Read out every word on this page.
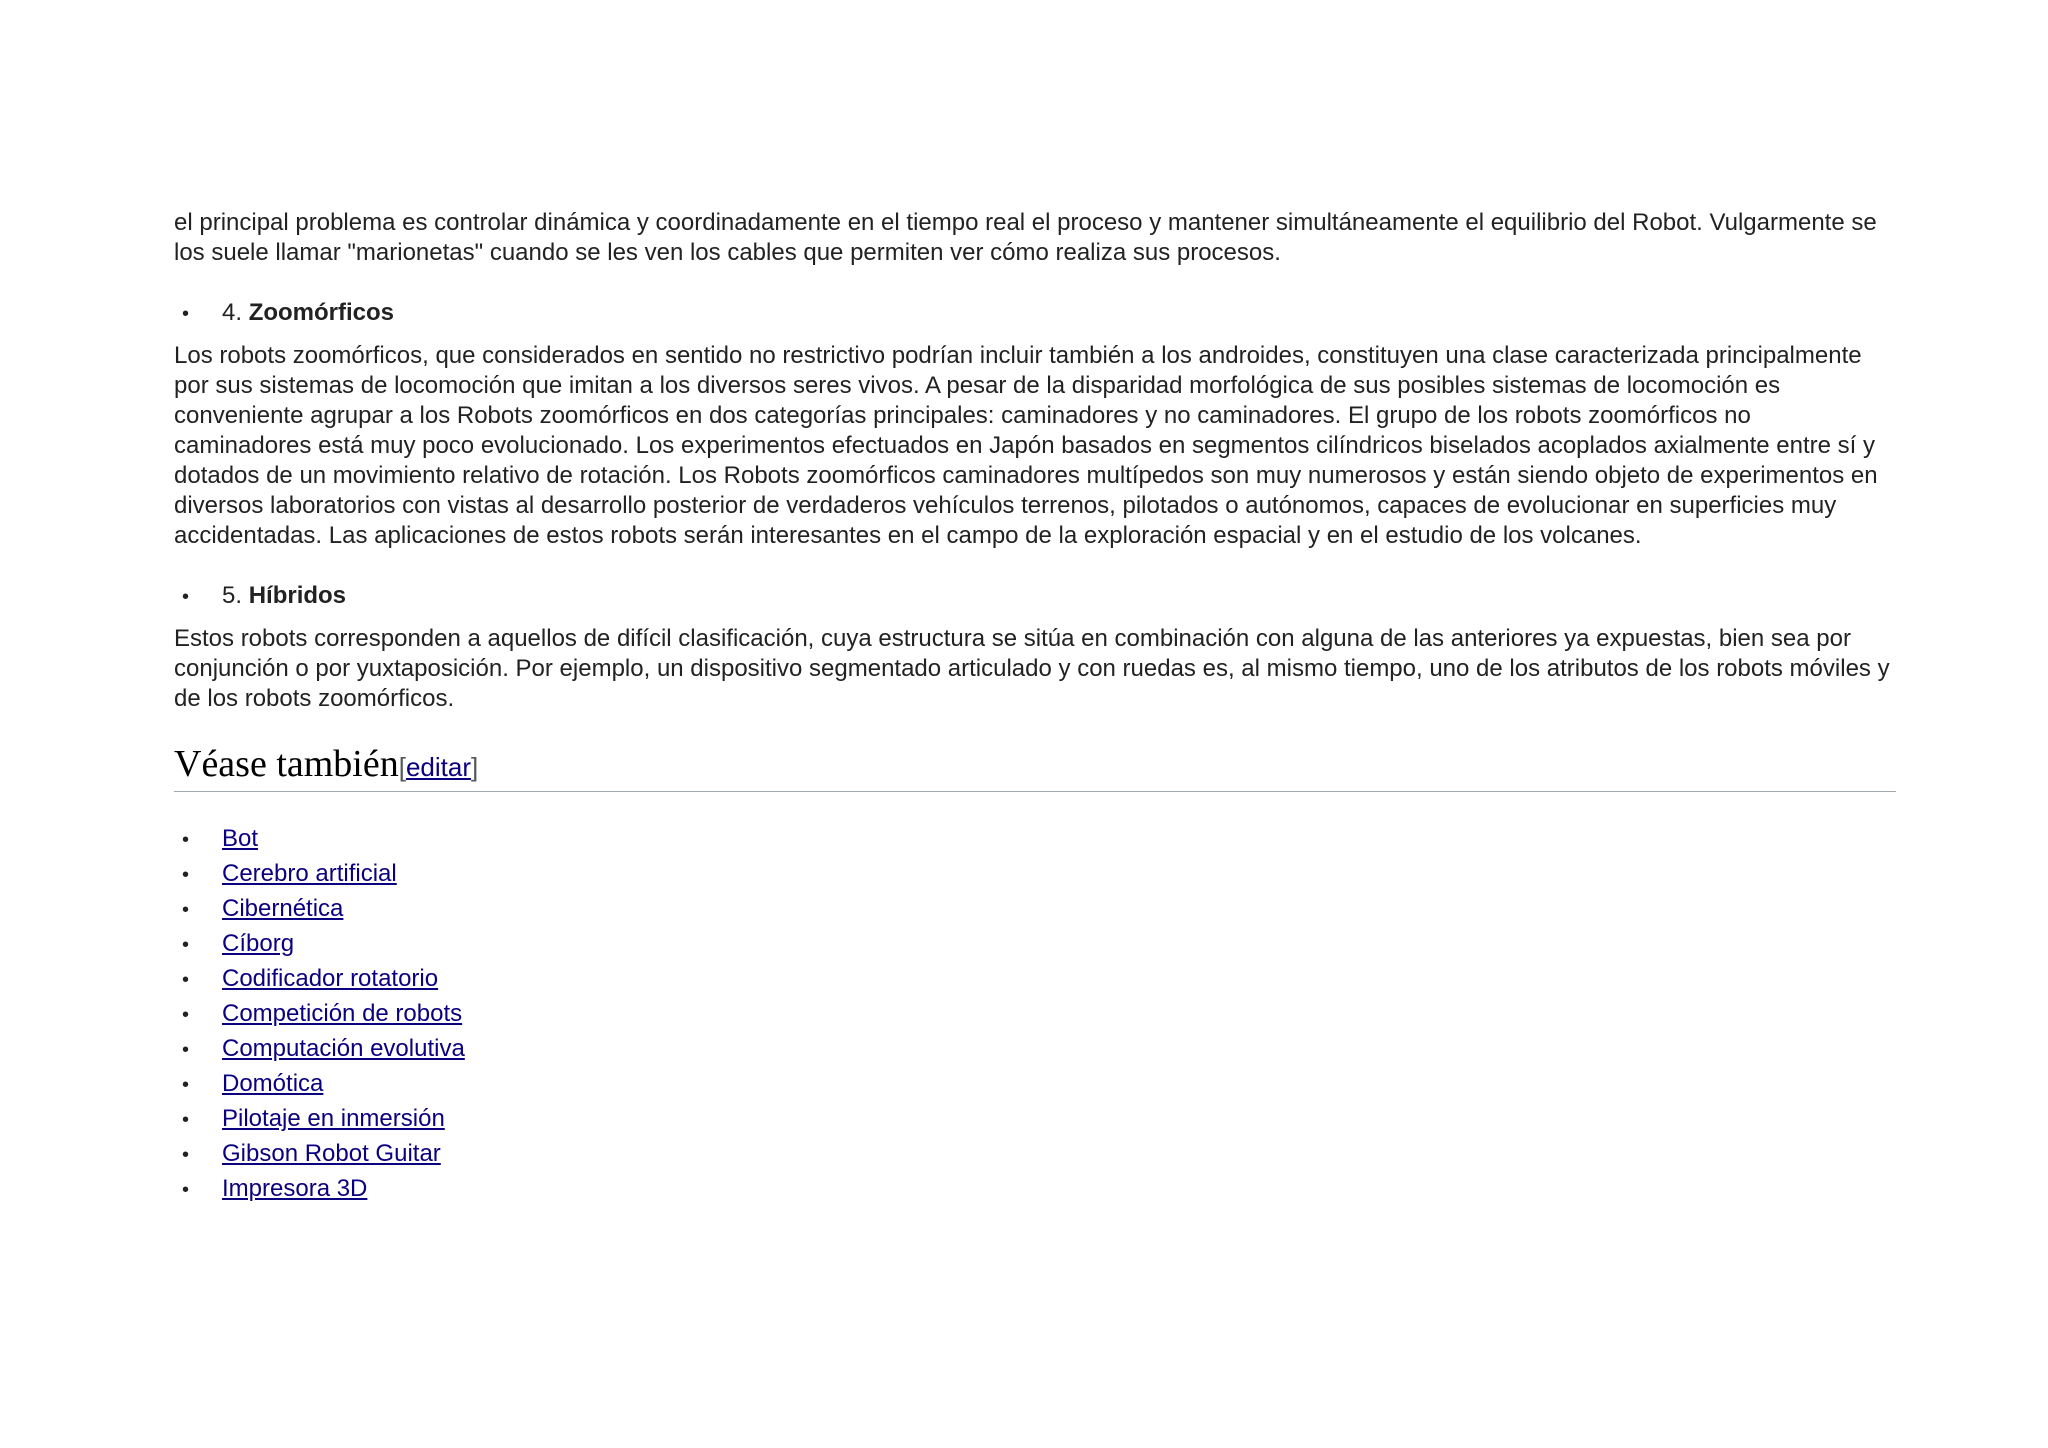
el principal problema es controlar dinámica y coordinadamente en el tiempo real el proceso y mantener simultáneamente el equilibrio del Robot. Vulgarmente se los suele llamar "marionetas" cuando se les ven los cables que permiten ver cómo realiza sus procesos.

•	4. Zoomórficos

Los robots zoomórficos, que considerados en sentido no restrictivo podrían incluir también a los androides, constituyen una clase caracterizada principalmente por sus sistemas de locomoción que imitan a los diversos seres vivos. A pesar de la disparidad morfológica de sus posibles sistemas de locomoción es conveniente agrupar a los Robots zoomórficos en dos categorías principales: caminadores y no caminadores. El grupo de los robots zoomórficos no caminadores está muy poco evolucionado. Los experimentos efectuados en Japón basados en segmentos cilíndricos biselados acoplados axialmente entre sí y dotados de un movimiento relativo de rotación. Los Robots zoomórficos caminadores multípedos son muy numerosos y están siendo objeto de experimentos en diversos laboratorios con vistas al desarrollo posterior de verdaderos vehículos terrenos, pilotados o autónomos, capaces de evolucionar en superficies muy accidentadas. Las aplicaciones de estos robots serán interesantes en el campo de la exploración espacial y en el estudio de los volcanes.

•	5. Híbridos

Estos robots corresponden a aquellos de difícil clasificación, cuya estructura se sitúa en combinación con alguna de las anteriores ya expuestas, bien sea por conjunción o por yuxtaposición. Por ejemplo, un dispositivo segmentado articulado y con ruedas es, al mismo tiempo, uno de los atributos de los robots móviles y de los robots zoomórficos.

Véase también[editar]
•	Bot
•	Cerebro artificial
•	Cibernética
•	Cíborg
•	Codificador rotatorio
•	Competición de robots
•	Computación evolutiva
•	Domótica
•	Pilotaje en inmersión
•	Gibson Robot Guitar
•	Impresora 3D
